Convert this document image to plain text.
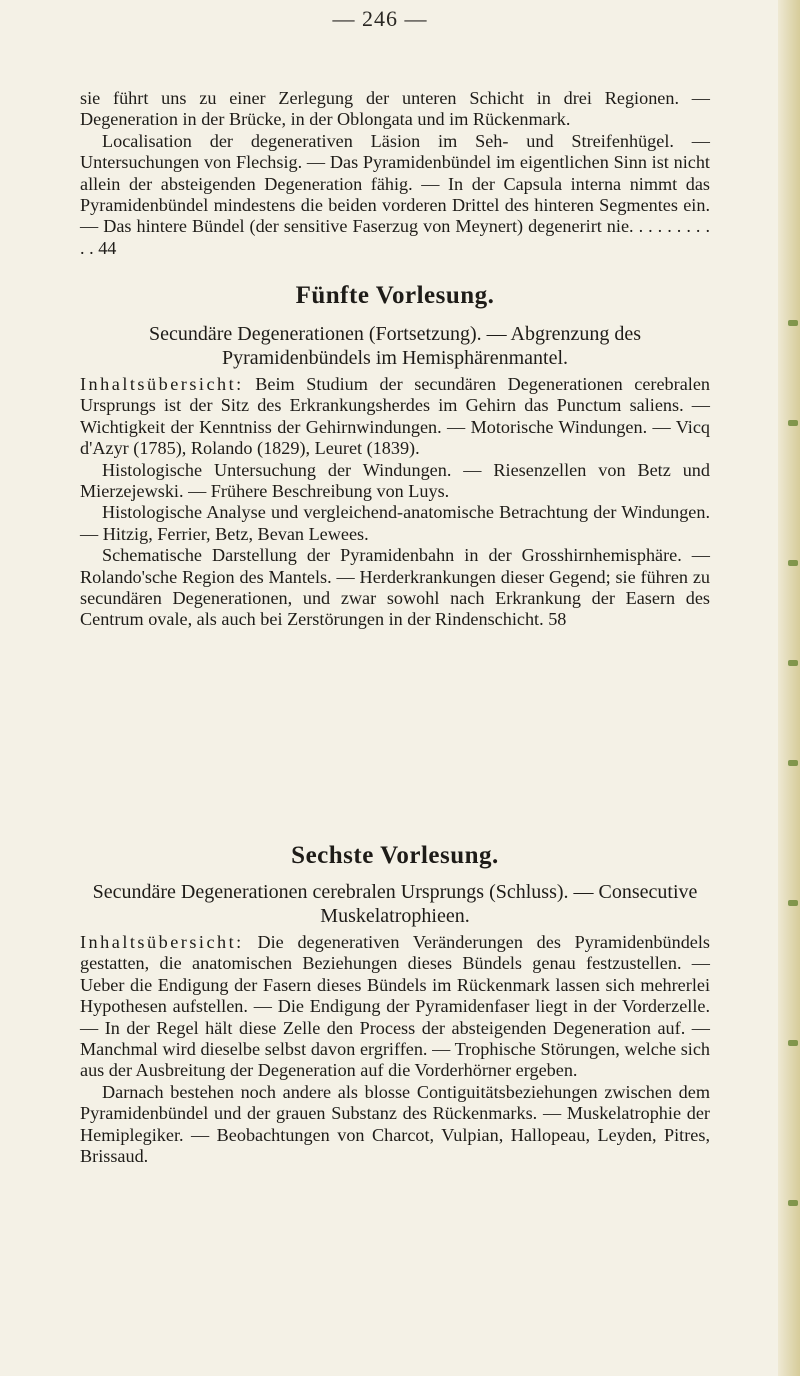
— 246 —

sie führt uns zu einer Zerlegung der unteren Schicht in drei Regionen. — Degeneration in der Brücke, in der Oblongata und im Rückenmark.

Localisation der degenerativen Läsion im Seh- und Streifenhügel. — Untersuchungen von Flechsig. — Das Pyramidenbündel im eigentlichen Sinn ist nicht allein der absteigenden Degeneration fähig. — In der Capsula interna nimmt das Pyramidenbündel mindestens die beiden vorderen Drittel des hinteren Segmentes ein. — Das hintere Bündel (der sensitive Faserzug von Meynert) degenerirt nie. . . . . . . . . . . 44

Fünfte Vorlesung.
Secundäre Degenerationen (Fortsetzung). — Abgrenzung des Pyramidenbündels im Hemisphärenmantel.

Inhaltsübersicht: Beim Studium der secundären Degenerationen cerebralen Ursprungs ist der Sitz des Erkrankungsherdes im Gehirn das Punctum saliens. — Wichtigkeit der Kenntniss der Gehirnwindungen. — Motorische Windungen. — Vicq d'Azyr (1785), Rolando (1829), Leuret (1839).

Histologische Untersuchung der Windungen. — Riesenzellen von Betz und Mierzejewski. — Frühere Beschreibung von Luys.

Histologische Analyse und vergleichend-anatomische Betrachtung der Windungen. — Hitzig, Ferrier, Betz, Bevan Lewees.

Schematische Darstellung der Pyramidenbahn in der Grosshirnhemisphäre. — Rolando'sche Region des Mantels. — Herderkrankungen dieser Gegend; sie führen zu secundären Degenerationen, und zwar sowohl nach Erkrankung der Easern des Centrum ovale, als auch bei Zerstörungen in der Rindenschicht. 58

Sechste Vorlesung.
Secundäre Degenerationen cerebralen Ursprungs (Schluss). — Consecutive Muskelatrophieen.

Inhaltsübersicht: Die degenerativen Veränderungen des Pyramidenbündels gestatten, die anatomischen Beziehungen dieses Bündels genau festzustellen. — Ueber die Endigung der Fasern dieses Bündels im Rückenmark lassen sich mehrerlei Hypothesen aufstellen. — Die Endigung der Pyramidenfaser liegt in der Vorderzelle. — In der Regel hält diese Zelle den Process der absteigenden Degeneration auf. — Manchmal wird dieselbe selbst davon ergriffen. — Trophische Störungen, welche sich aus der Ausbreitung der Degeneration auf die Vorderhörner ergeben.

Darnach bestehen noch andere als blosse Contiguitätsbeziehungen zwischen dem Pyramidenbündel und der grauen Substanz des Rückenmarks. — Muskelatrophie der Hemiplegiker. — Beobachtungen von Charcot, Vulpian, Hallopeau, Leyden, Pitres, Brissaud.
